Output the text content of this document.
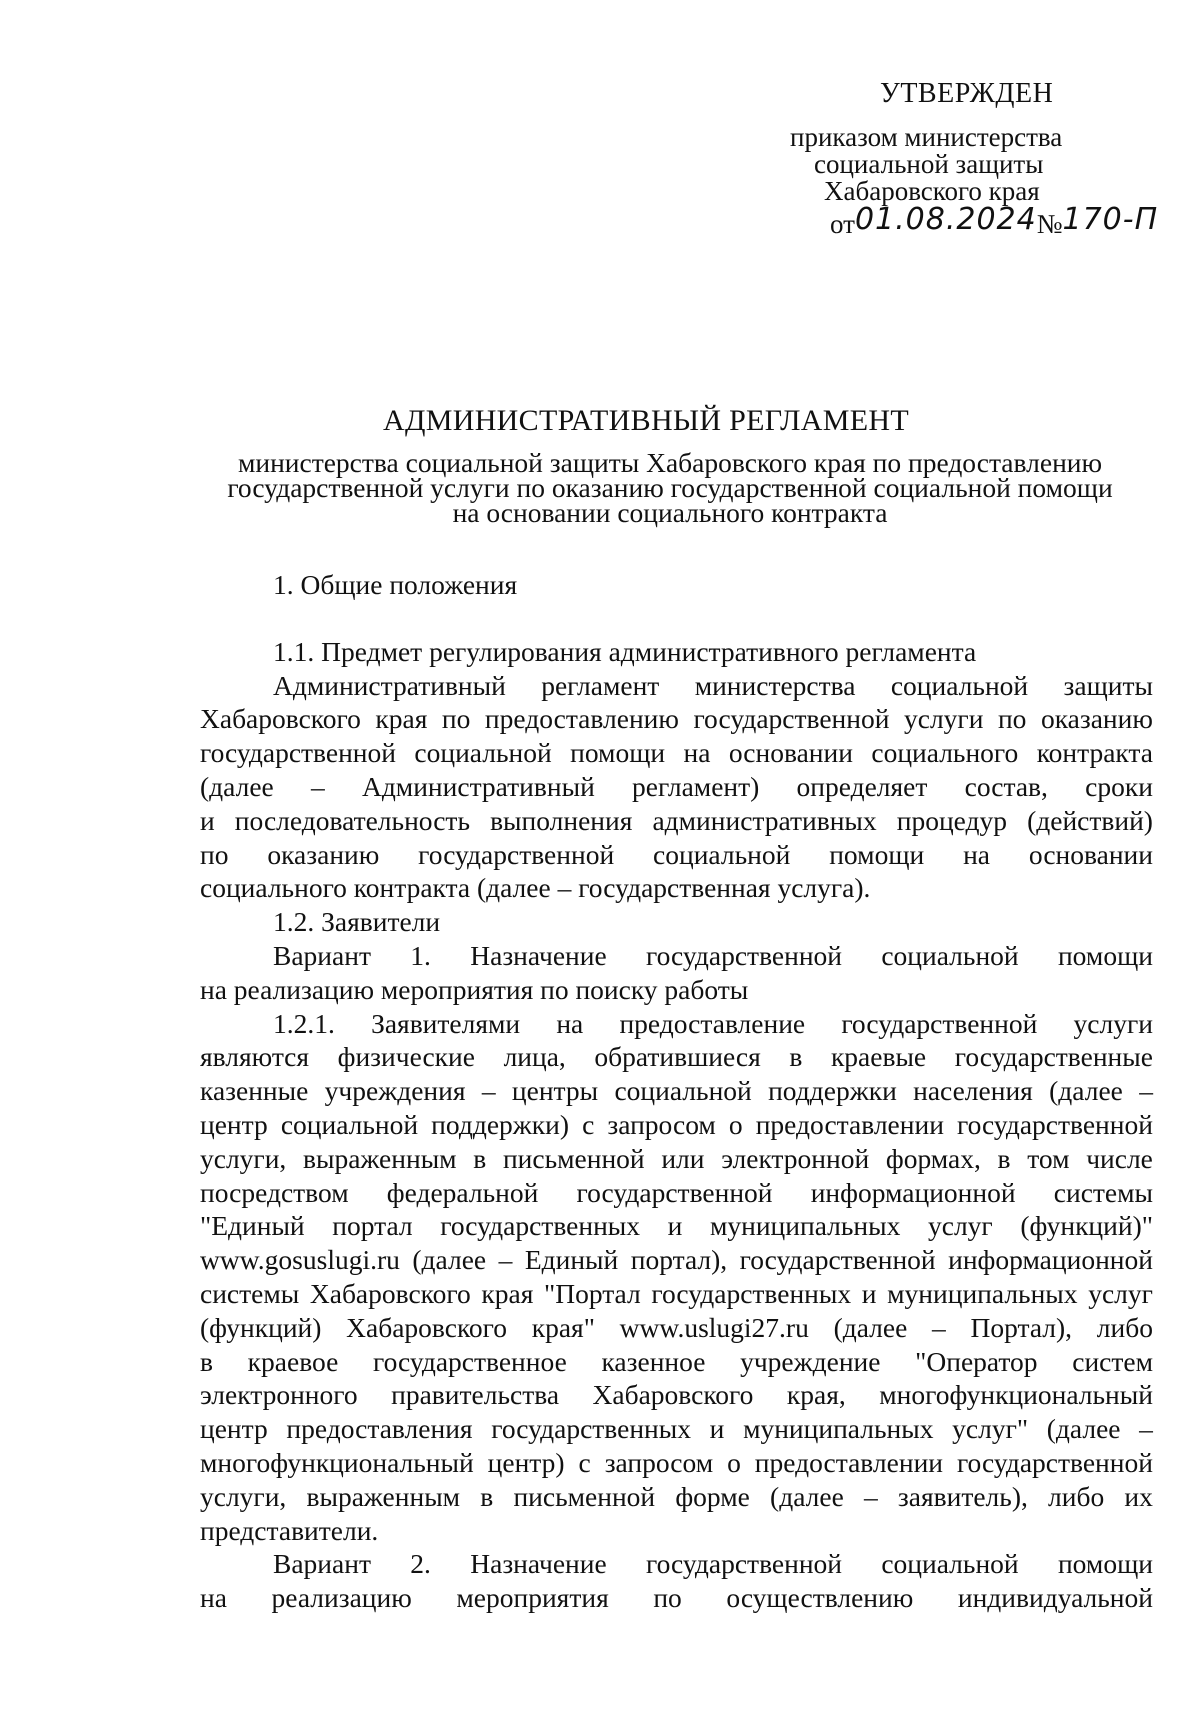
УТВЕРЖДЕН
приказом министерства
социальной защиты
Хабаровского края
от01.08.2024№170-П
АДМИНИСТРАТИВНЫЙ РЕГЛАМЕНТ
министерства социальной защиты Хабаровского края по предоставлению
государственной услуги по оказанию государственной социальной помощи
на основании социального контракта
1. Общие положения
1.1. Предмет регулирования административного регламента
Административный регламент министерства социальной защиты
Хабаровского края по предоставлению государственной услуги по оказанию
государственной социальной помощи на основании социального контракта
(далее – Административный регламент) определяет состав, сроки
и последовательность выполнения административных процедур (действий)
по оказанию государственной социальной помощи на основании
социального контракта (далее – государственная услуга).
1.2. Заявители
Вариант 1. Назначение государственной социальной помощи
на реализацию мероприятия по поиску работы
1.2.1. Заявителями на предоставление государственной услуги
являются физические лица, обратившиеся в краевые государственные
казенные учреждения – центры социальной поддержки населения (далее –
центр социальной поддержки) с запросом о предоставлении государственной
услуги, выраженным в письменной или электронной формах, в том числе
посредством федеральной государственной информационной системы
"Единый портал государственных и муниципальных услуг (функций)"
www.gosuslugi.ru (далее – Единый портал), государственной информационной
системы Хабаровского края "Портал государственных и муниципальных услуг
(функций) Хабаровского края" www.uslugi27.ru (далее – Портал), либо
в краевое государственное казенное учреждение "Оператор систем
электронного правительства Хабаровского края, многофункциональный
центр предоставления государственных и муниципальных услуг" (далее –
многофункциональный центр) с запросом о предоставлении государственной
услуги, выраженным в письменной форме (далее – заявитель), либо их
представители.
Вариант 2. Назначение государственной социальной помощи
на реализацию мероприятия по осуществлению индивидуальной
